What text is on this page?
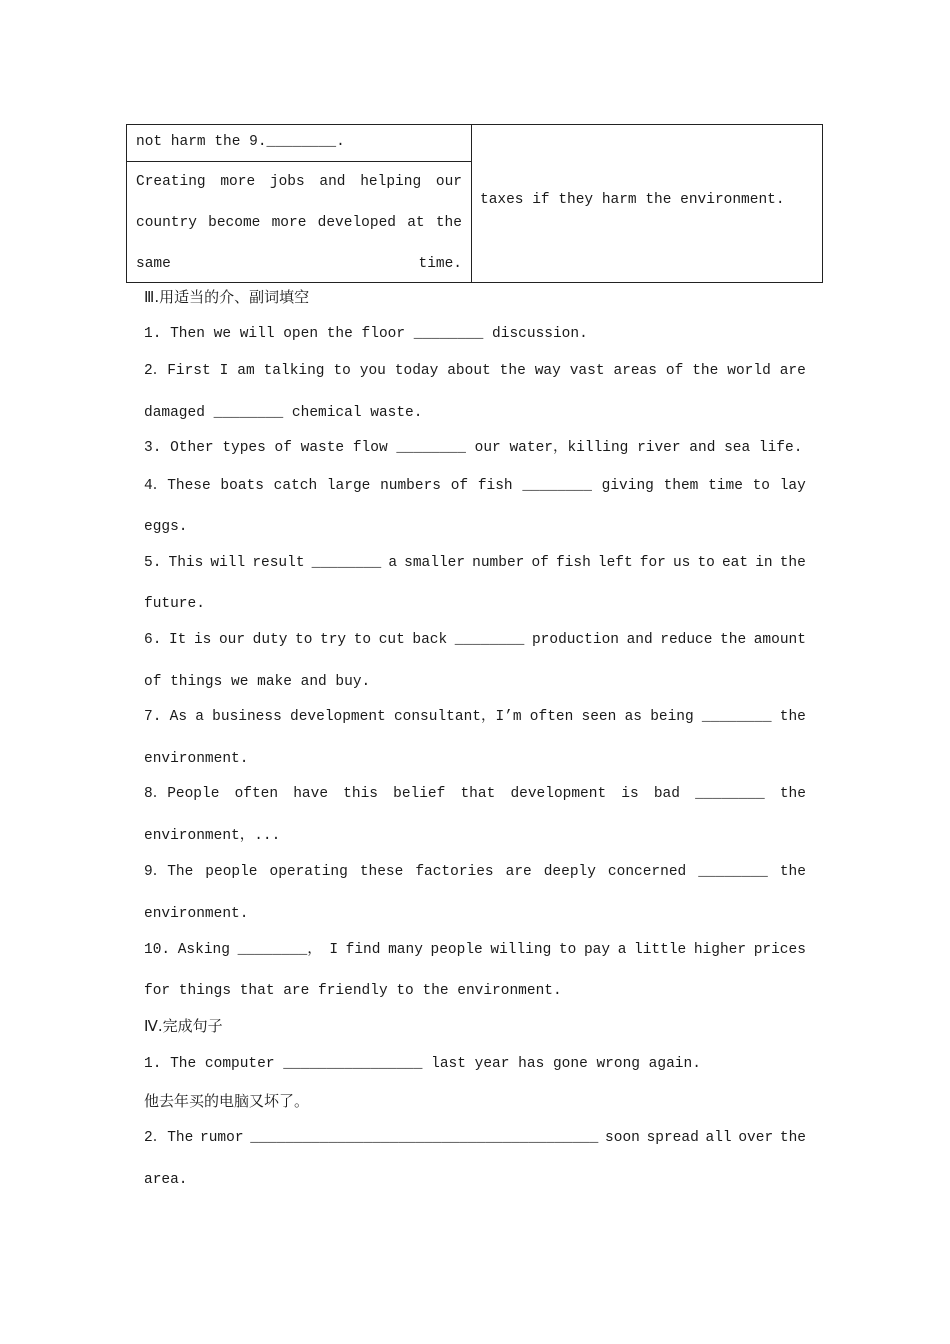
not harm the 9.________.
Creating more jobs and helping our
country become more developed at the
same time.
taxes if they harm the environment.
Ⅲ.用适当的介、副词填空
1. Then we will open the floor ________ discussion.
2．First I am talking to you today about the way vast areas of the world are
damaged ________ chemical waste.
3. Other types of waste flow ________ our water，killing river and sea life.
4．These boats catch large numbers of fish ________ giving them time to lay
eggs.
5. This will result ________ a smaller number of fish left for us to eat in the
future.
6. It is our duty to try to cut back ________ production and reduce the amount
of things we make and buy.
7. As a business development consultant，I’m often seen as being ________ the
environment.
8．People often have this belief that development is bad ________ the
environment，...
9．The people operating these factories are deeply concerned ________ the
environment.
10. Asking ________， I find many people willing to pay a little higher prices
for things that are friendly to the environment.
Ⅳ.完成句子
1. The computer ________________ last year has gone wrong again.
他去年买的电脑又坏了。
2．The rumor ________________________________________ soon spread all over the
area.
